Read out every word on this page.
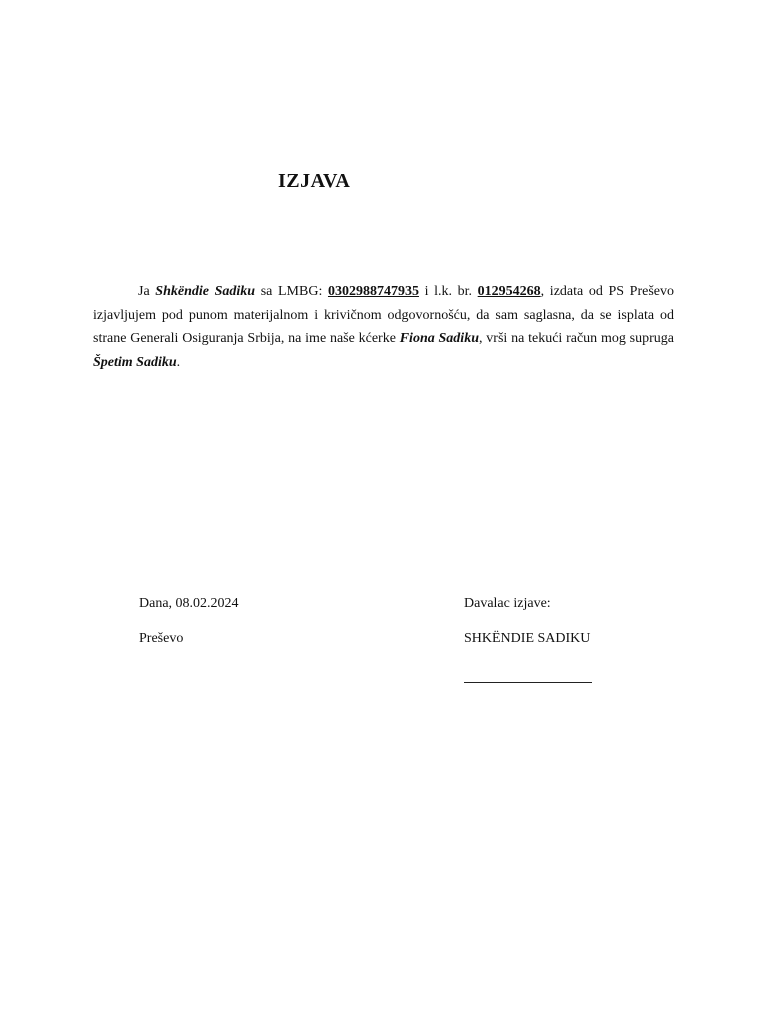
IZJAVA

Ja Shkëndie Sadiku sa LMBG: 0302988747935 i l.k. br. 012954268, izdata od PS Preševo izjavljujem pod punom materijalnom i krivičnom odgovornošću, da sam saglasna, da se isplata od strane Generali Osiguranja Srbija, na ime naše kćerke Fiona Sadiku, vrši na tekući račun mog supruga Špetim Sadiku.

Dana, 08.02.2024
Preševo
Davalac izjave:
SHKËNDIE SADIKU
